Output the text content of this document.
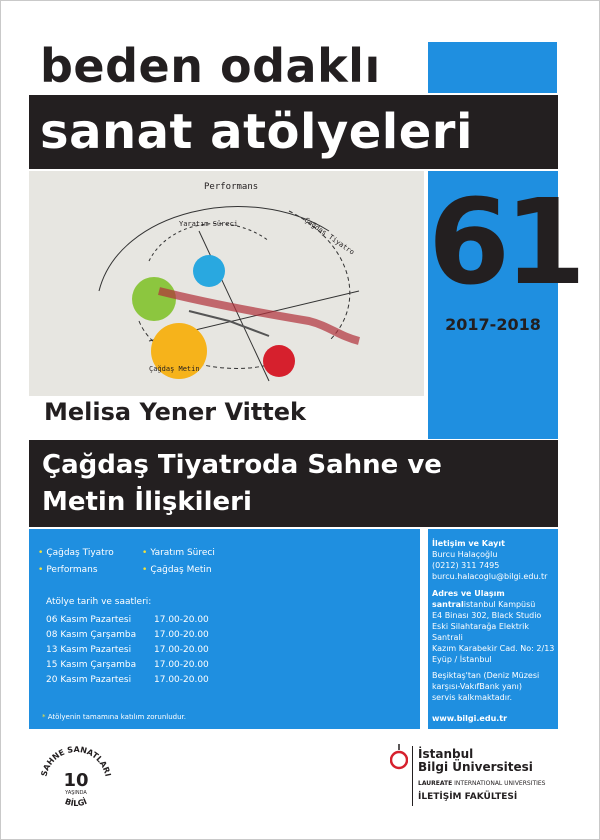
beden odaklı
sanat atölyeleri
Performans
Yaratım Süreci	Çağdaş Tiyatro
Çağdaş Metin
61
2017-2018
Melisa Yener Vittek
Çağdaş Tiyatroda Sahne ve
Metin İlişkileri
• Çağdaş Tiyatro	• Yaratım Süreci
• Performans	• Çağdaş Metin
Atölye tarih ve saatleri:
06 Kasım Pazartesi	17.00-20.00
08 Kasım Çarşamba	17.00-20.00
13 Kasım Pazartesi	17.00-20.00
15 Kasım Çarşamba	17.00-20.00
20 Kasım Pazartesi	17.00-20.00
* Atölyenin tamamına katılım zorunludur.
İletişim ve Kayıt
Burcu Halaçoğlu
(0212) 311 7495
burcu.halacoglu@bilgi.edu.tr
Adres ve Ulaşım
santralistanbul Kampüsü
E4 Binası 302, Black Studio
Eski Silahtarağa Elektrik Santrali
Kazım Karabekir Cad. No: 2/13
Eyüp / İstanbul
Beşiktaş'tan (Deniz Müzesi
karşısı-VakıfBank yanı)
servis kalkmaktadır.
www.bilgi.edu.tr
SAHNE SANATLARI
10
YAŞINDA
BİLGİ
İstanbul
Bilgi Üniversitesi
LAUREATE INTERNATIONAL UNIVERSITIES
İLETİŞİM FAKÜLTESİ
